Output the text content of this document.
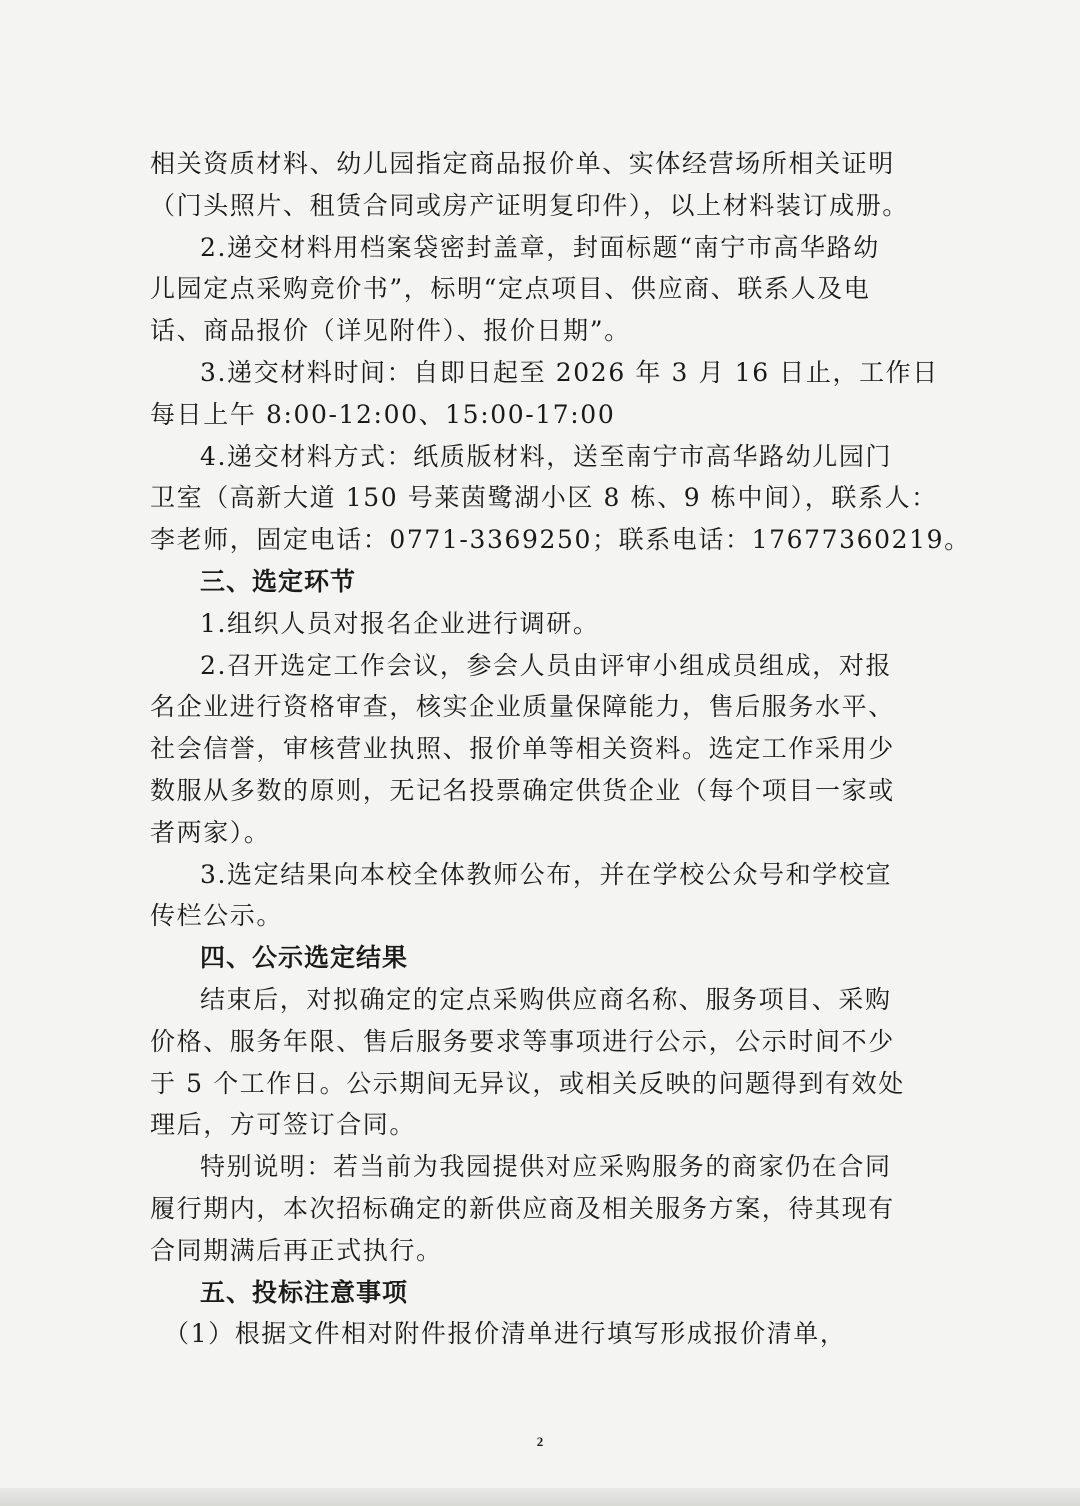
相关资质材料、幼儿园指定商品报价单、实体经营场所相关证明
（门头照片、租赁合同或房产证明复印件），以上材料装订成册。
2.递交材料用档案袋密封盖章，封面标题“南宁市高华路幼
儿园定点采购竞价书”，标明“定点项目、供应商、联系人及电
话、商品报价（详见附件）、报价日期”。
3.递交材料时间：自即日起至 2026 年 3 月 16 日止，工作日
每日上午 8:00-12:00、15:00-17:00
4.递交材料方式：纸质版材料，送至南宁市高华路幼儿园门
卫室（高新大道 150 号莱茵鹭湖小区 8 栋、9 栋中间），联系人：
李老师，固定电话：0771-3369250；联系电话：17677360219。
三、选定环节
1.组织人员对报名企业进行调研。
2.召开选定工作会议，参会人员由评审小组成员组成，对报
名企业进行资格审查，核实企业质量保障能力，售后服务水平、
社会信誉，审核营业执照、报价单等相关资料。选定工作采用少
数服从多数的原则，无记名投票确定供货企业（每个项目一家或
者两家）。
3.选定结果向本校全体教师公布，并在学校公众号和学校宣
传栏公示。
四、公示选定结果
结束后，对拟确定的定点采购供应商名称、服务项目、采购
价格、服务年限、售后服务要求等事项进行公示，公示时间不少
于 5 个工作日。公示期间无异议，或相关反映的问题得到有效处
理后，方可签订合同。
特别说明：若当前为我园提供对应采购服务的商家仍在合同
履行期内，本次招标确定的新供应商及相关服务方案，待其现有
合同期满后再正式执行。
五、投标注意事项
（1）根据文件相对附件报价清单进行填写形成报价清单，
2
